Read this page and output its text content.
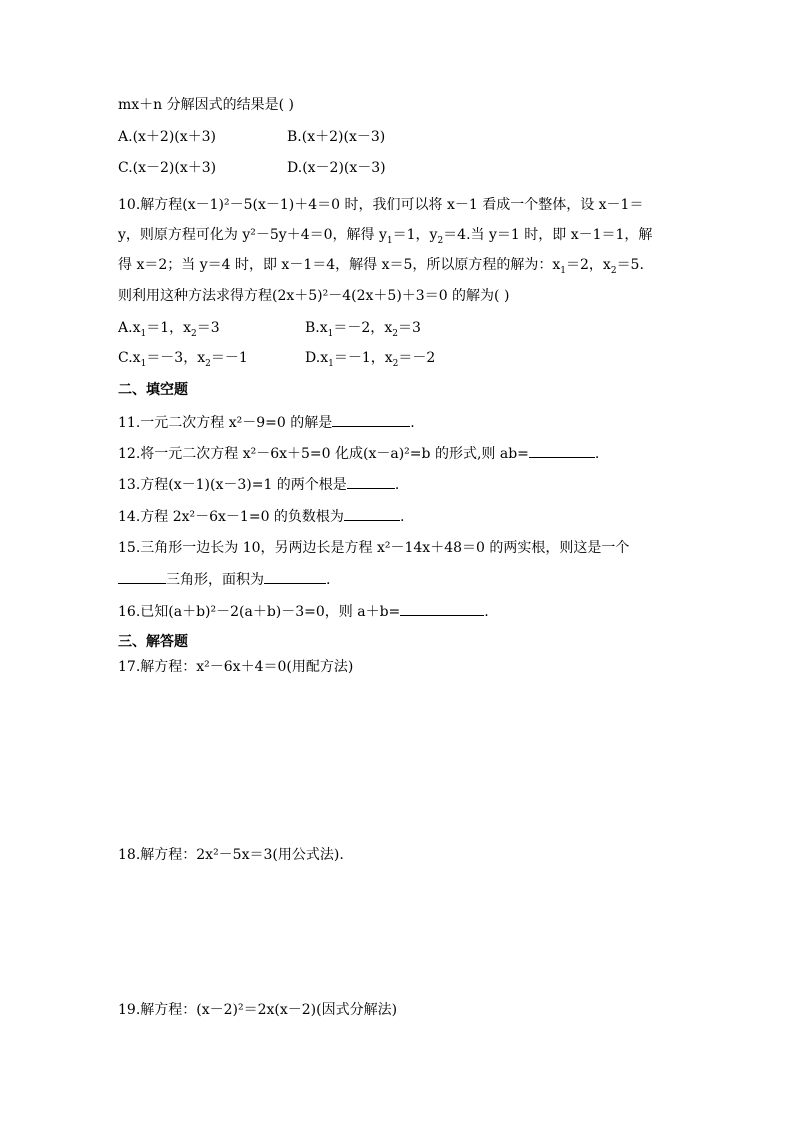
mx＋n 分解因式的结果是( )
A.(x＋2)(x＋3)	B.(x＋2)(x－3)
C.(x－2)(x＋3)	D.(x－2)(x－3)
10.解方程(x－1)²－5(x－1)＋4＝0 时，我们可以将 x－1 看成一个整体，设 x－1＝
y，则原方程可化为 y²－5y＋4＝0，解得 $y_1=1$，$y_2=4$.当 y＝1 时，即 x－1＝1，解
得 x＝2；当 y＝4 时，即 x－1＝4，解得 x＝5，所以原方程的解为：$x_1=2$，$x_2=5$.
则利用这种方法求得方程(2x＋5)²－4(2x＋5)＋3＝0 的解为( )
$A.x_1=1$，$x_2=3$	$B.x_1=-2$，$x_2=3$
$C.x_1=-3$，$x_2=-1$	$D.x_1=-1$，$x_2=-2$
二、填空题
11.一元二次方程 x²－9=0 的解是	.
12.将一元二次方程 x²－6x＋5=0 化成(x－a)²=b 的形式,则 ab=	.
13.方程(x－1)(x－3)=1 的两个根是	.
14.方程 2x²－6x－1=0 的负数根为	.
15.三角形一边长为 10，另两边长是方程 x²－14x＋48＝0 的两实根，则这是一个
三角形，面积为	.
16.已知(a＋b)²－2(a＋b)－3=0，则 a＋b=	.
三、解答题
17.解方程：x²－6x＋4＝0(用配方法)
18.解方程：2x²－5x＝3(用公式法).
19.解方程：(x－2)²＝2x(x－2)(因式分解法)
